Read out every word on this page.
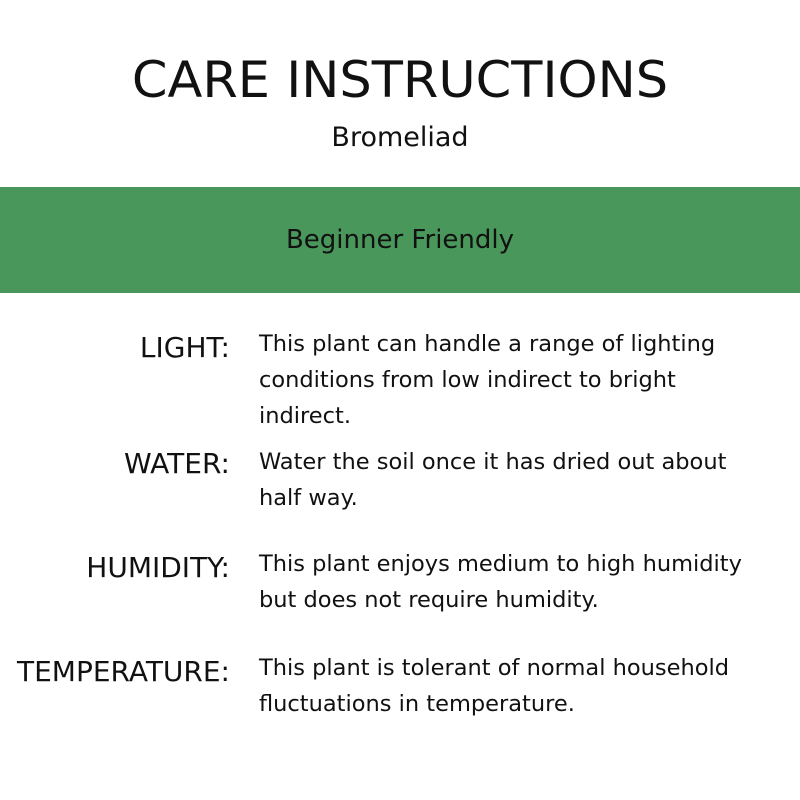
CARE INSTRUCTIONS
Bromeliad
Beginner Friendly
LIGHT: This plant can handle a range of lighting conditions from low indirect to bright indirect.
WATER: Water the soil once it has dried out about half way.
HUMIDITY: This plant enjoys medium to high humidity but does not require humidity.
TEMPERATURE: This plant is tolerant of normal household fluctuations in temperature.
